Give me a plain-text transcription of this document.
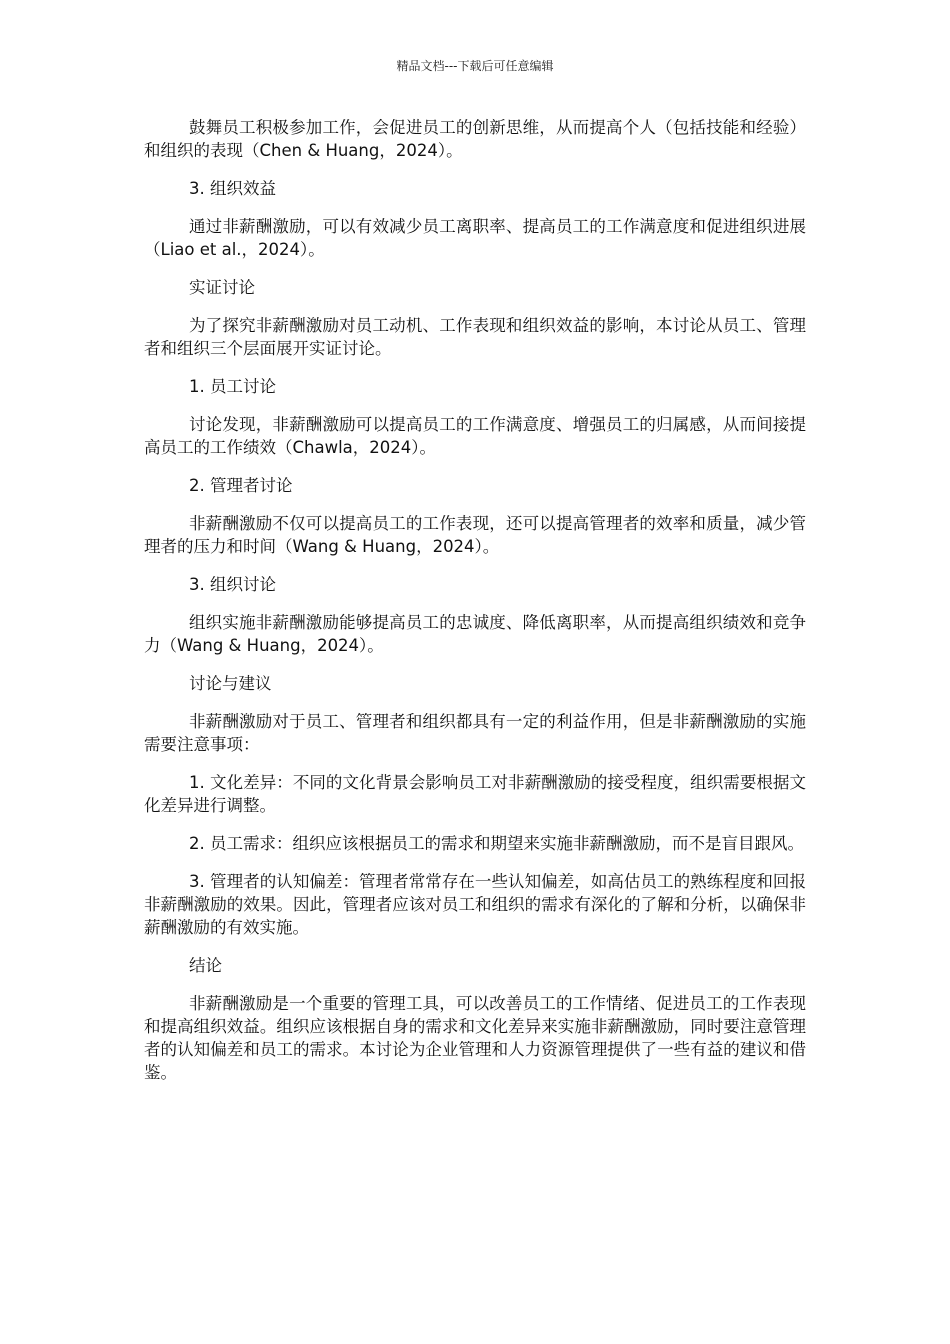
精品文档---下载后可任意编辑

鼓舞员工积极参加工作，会促进员工的创新思维，从而提高个人（包括技能和经验）和组织的表现（Chen & Huang，2024）。

3. 组织效益

通过非薪酬激励，可以有效减少员工离职率、提高员工的工作满意度和促进组织进展（Liao et al.，2024）。

实证讨论

为了探究非薪酬激励对员工动机、工作表现和组织效益的影响，本讨论从员工、管理者和组织三个层面展开实证讨论。

1. 员工讨论

讨论发现，非薪酬激励可以提高员工的工作满意度、增强员工的归属感，从而间接提高员工的工作绩效（Chawla，2024）。

2. 管理者讨论

非薪酬激励不仅可以提高员工的工作表现，还可以提高管理者的效率和质量，减少管理者的压力和时间（Wang & Huang，2024）。

3. 组织讨论

组织实施非薪酬激励能够提高员工的忠诚度、降低离职率，从而提高组织绩效和竞争力（Wang & Huang，2024）。

讨论与建议

非薪酬激励对于员工、管理者和组织都具有一定的利益作用，但是非薪酬激励的实施需要注意事项：

1. 文化差异：不同的文化背景会影响员工对非薪酬激励的接受程度，组织需要根据文化差异进行调整。

2. 员工需求：组织应该根据员工的需求和期望来实施非薪酬激励，而不是盲目跟风。

3. 管理者的认知偏差：管理者常常存在一些认知偏差，如高估员工的熟练程度和回报非薪酬激励的效果。因此，管理者应该对员工和组织的需求有深化的了解和分析，以确保非薪酬激励的有效实施。

结论

非薪酬激励是一个重要的管理工具，可以改善员工的工作情绪、促进员工的工作表现和提高组织效益。组织应该根据自身的需求和文化差异来实施非薪酬激励，同时要注意管理者的认知偏差和员工的需求。本讨论为企业管理和人力资源管理提供了一些有益的建议和借鉴。
